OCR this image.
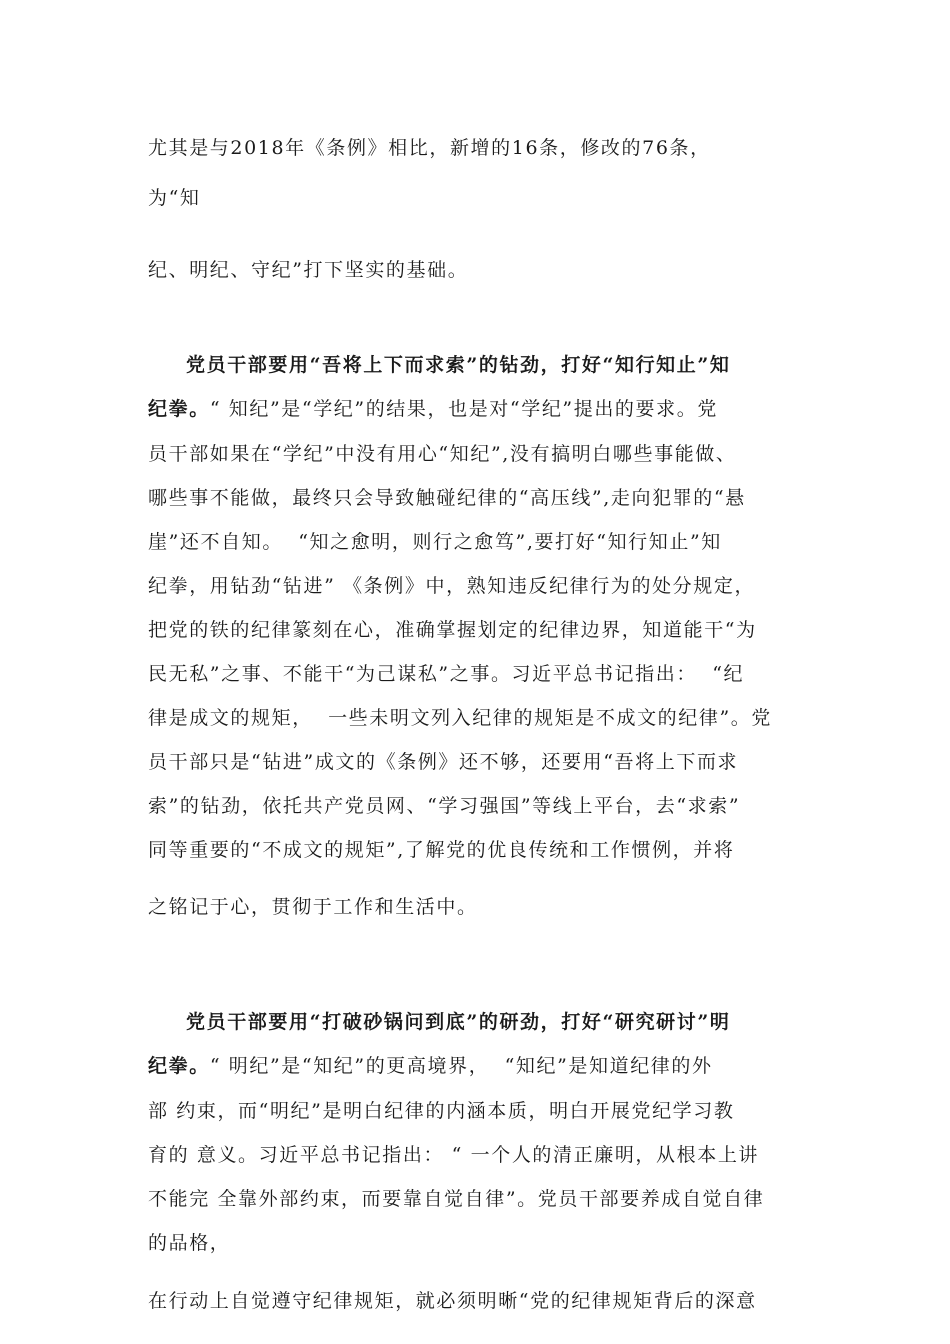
尤其是与2018年《条例》相比，新增的16条，修改的76条，
为“知
纪、明纪、守纪”打下坚实的基础。
党员干部要用“吾将上下而求索”的钻劲，打好“知行知止”知
纪拳。“ 知纪”是“学纪”的结果，也是对“学纪”提出的要求。党
员干部如果在“学纪”中没有用心“知纪”,没有搞明白哪些事能做、
哪些事不能做，最终只会导致触碰纪律的“高压线”,走向犯罪的“悬
崖”还不自知。  “知之愈明，则行之愈笃”,要打好“知行知止”知
纪拳，用钻劲“钻进” 《条例》中，熟知违反纪律行为的处分规定，
把党的铁的纪律篆刻在心，准确掌握划定的纪律边界，知道能干“为
民无私”之事、不能干“为己谋私”之事。习近平总书记指出：  “纪
律是成文的规矩，  一些未明文列入纪律的规矩是不成文的纪律”。党
员干部只是“钻进”成文的《条例》还不够，还要用“吾将上下而求
索”的钻劲，依托共产党员网、“学习强国”等线上平台，去“求索”
同等重要的“不成文的规矩”,了解党的优良传统和工作惯例，并将
之铭记于心，贯彻于工作和生活中。
党员干部要用“打破砂锅问到底”的研劲，打好“研究研讨”明
纪拳。“ 明纪”是“知纪”的更高境界，  “知纪”是知道纪律的外
部 约束，而“明纪”是明白纪律的内涵本质，明白开展党纪学习教
育的 意义。习近平总书记指出： “ 一个人的清正廉明，从根本上讲
不能完 全靠外部约束，而要靠自觉自律”。党员干部要养成自觉自律
的品格，
在行动上自觉遵守纪律规矩，就必须明晰“党的纪律规矩背后的深意
